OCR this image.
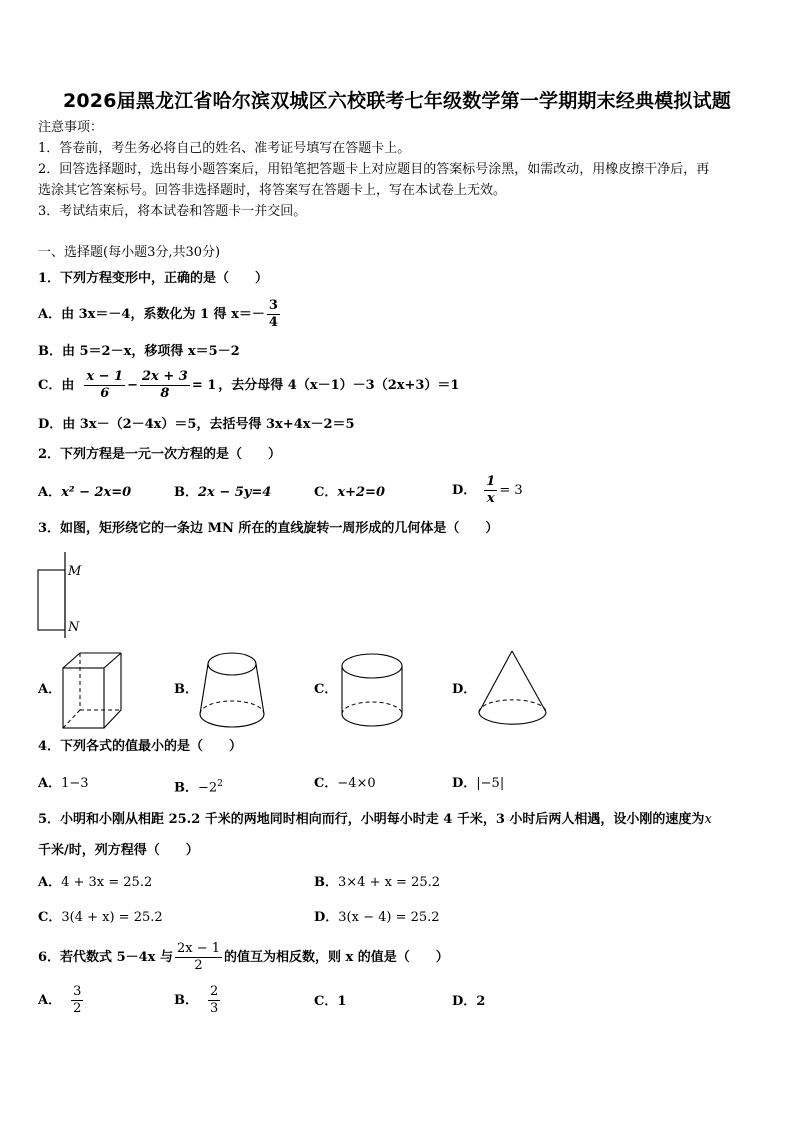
2026届黑龙江省哈尔滨双城区六校联考七年级数学第一学期期末经典模拟试题
注意事项：
1．答卷前，考生务必将自己的姓名、准考证号填写在答题卡上。
2．回答选择题时，选出每小题答案后，用铅笔把答题卡上对应题目的答案标号涂黑，如需改动，用橡皮擦干净后，再
选涂其它答案标号。回答非选择题时，将答案写在答题卡上，写在本试卷上无效。
3．考试结束后，将本试卷和答题卡一并交回。
一、选择题(每小题3分,共30分)
1．下列方程变形中，正确的是（　　）
A．由 3x＝－4，系数化为 1 得 $x=- \frac{3}{4}$
B．由 5＝2－x，移项得 x＝5－2
C．由 $\frac{x - 1}{6} - \frac{2x + 3}{8} = 1$ ，去分母得 4（x－1）－3（2x+3）＝1
D．由 3x－（2－4x）＝5，去括号得 3x+4x－2＝5
2．下列方程是一元一次方程的是（　　）
A．x² − 2x=0	B．2x − 5y=4	C．x+2=0	D． $\frac{1}{x} = 3$
3．如图，矩形绕它的一条边 MN 所在的直线旋转一周形成的几何体是（　　）
M
N
A．	B．	C．	D．
4．下列各式的值最小的是（　　）
A．1−3	B．$-2^2$	C．−4×0	D．|−5|
5．小明和小刚从相距 25.2 千米的两地同时相向而行，小明每小时走 4 千米，3 小时后两人相遇，设小刚的速度为x
千米/时，列方程得（　　）
A．4 + 3x = 25.2	B．3×4 + x = 25.2
C．3(4 + x) = 25.2	D．3(x − 4) = 25.2
6．若代数式 5－4x 与 $\frac{2x - 1}{2}$ 的值互为相反数，则 x 的值是（　　）
A． $\frac{3}{2}$	B． $\frac{2}{3}$	C．1	D．2
